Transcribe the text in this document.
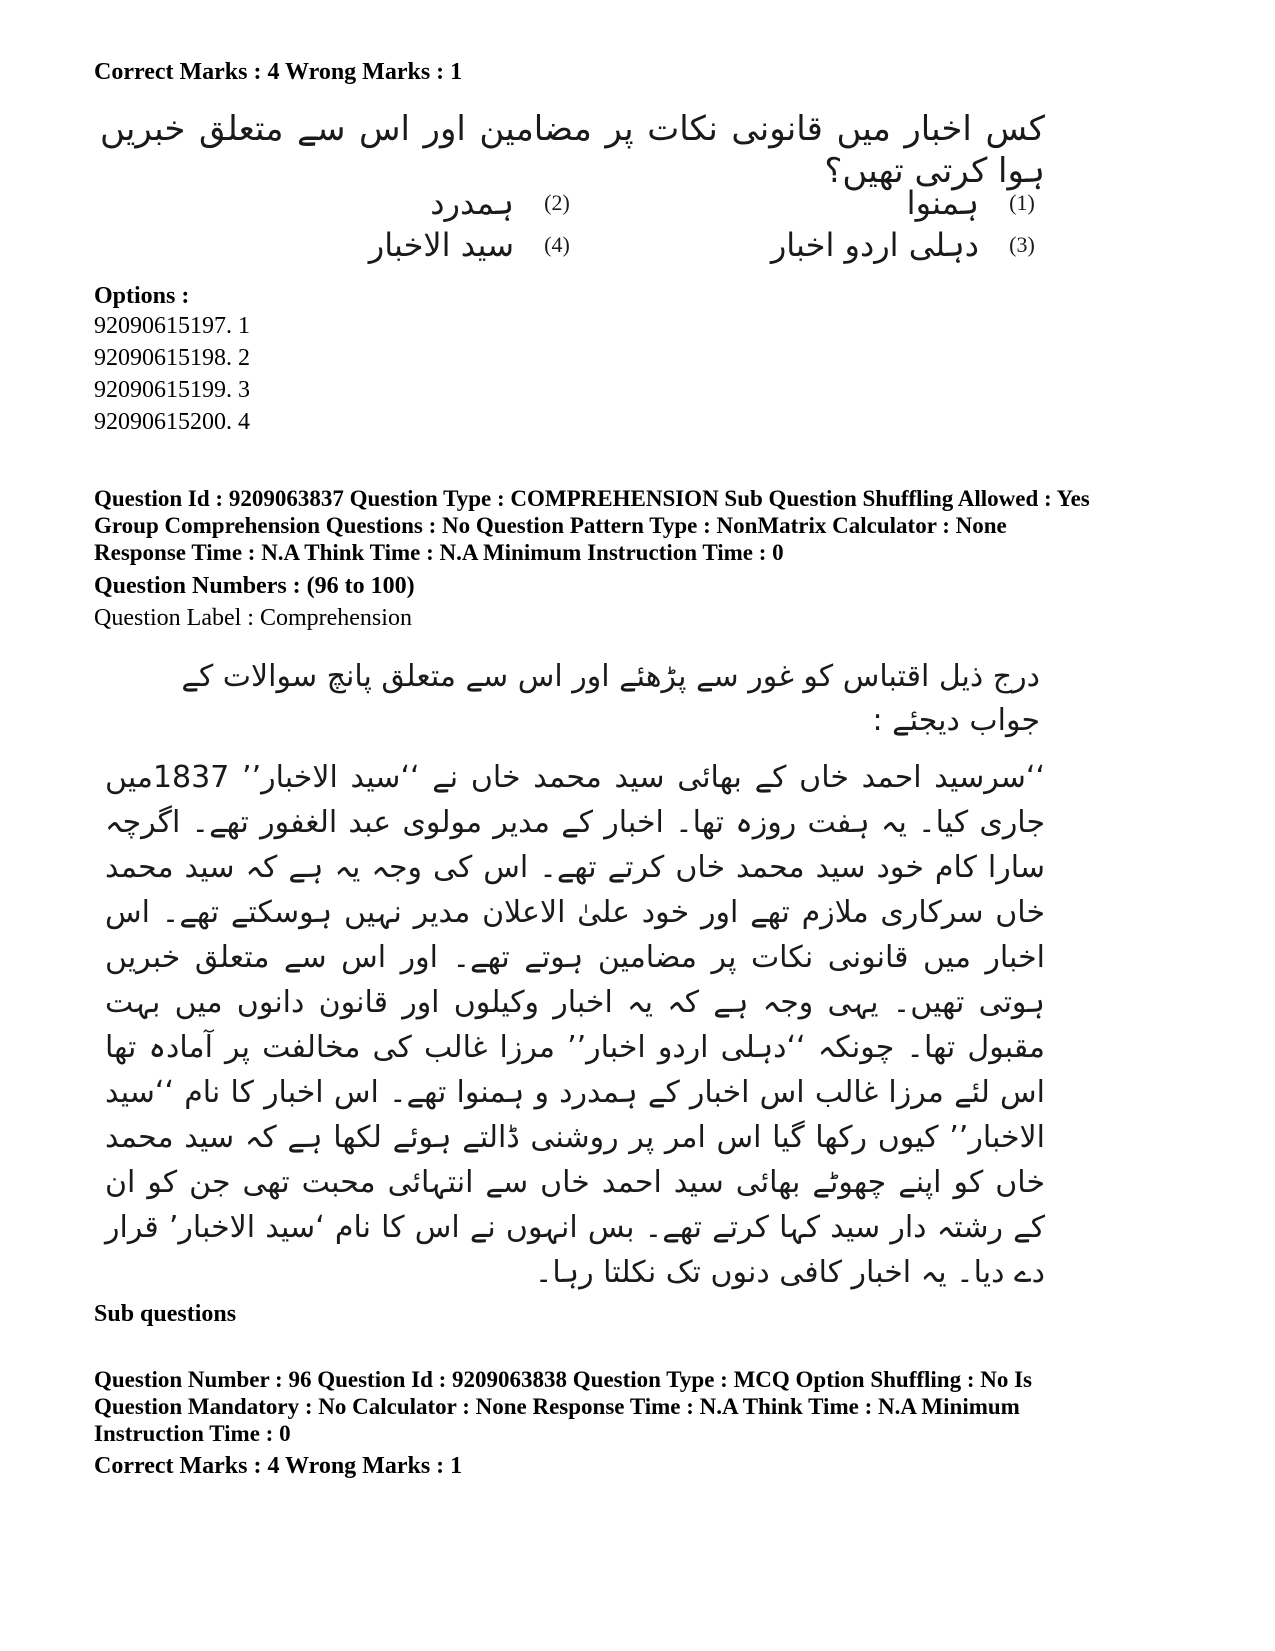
Correct Marks : 4 Wrong Marks : 1
کس اخبار میں قانونی نکات پر مضامین اور اس سے متعلق خبریں ہوا کرتی تھیں؟
(1)
ہمنوا
(2)
ہمدرد
(3)
دہلی اردو اخبار
(4)
سید الاخبار
Options :
92090615197. 1
92090615198. 2
92090615199. 3
92090615200. 4
Question Id : 9209063837 Question Type : COMPREHENSION Sub Question Shuffling Allowed : Yes
Group Comprehension Questions : No Question Pattern Type : NonMatrix Calculator : None
Response Time : N.A Think Time : N.A Minimum Instruction Time : 0
Question Numbers : (96 to 100)
Question Label : Comprehension
درج ذیل اقتباس کو غور سے پڑھئے اور اس سے متعلق پانچ سوالات کے جواب دیجئے :

‘‘سرسید احمد خاں کے بھائی سید محمد خاں نے ‘‘سید الاخبار’’ 1837میں جاری کیا۔ یہ ہفت روزہ تھا۔ اخبار کے مدیر مولوی عبد الغفور تھے۔ اگرچہ سارا کام خود سید محمد خاں کرتے تھے۔ اس کی وجہ یہ ہے کہ سید محمد خاں سرکاری ملازم تھے اور خود علیٰ الاعلان مدیر نہیں ہوسکتے تھے۔ اس اخبار میں قانونی نکات پر مضامین ہوتے تھے۔ اور اس سے متعلق خبریں ہوتی تھیں۔ یہی وجہ ہے کہ یہ اخبار وکیلوں اور قانون دانوں میں بہت مقبول تھا۔ چونکہ ‘‘دہلی اردو اخبار’’ مرزا غالب کی مخالفت پر آمادہ تھا اس لئے مرزا غالب اس اخبار کے ہمدرد و ہمنوا تھے۔ اس اخبار کا نام ‘‘سید الاخبار’’ کیوں رکھا گیا اس امر پر روشنی ڈالتے ہوئے لکھا ہے کہ سید محمد خاں کو اپنے چھوٹے بھائی سید احمد خاں سے انتہائی محبت تھی جن کو ان کے رشتہ دار سید کہا کرتے تھے۔ بس انہوں نے اس کا نام ‘سید الاخبار’ قرار دے دیا۔ یہ اخبار کافی دنوں تک نکلتا رہا۔

Sub questions
Question Number : 96 Question Id : 9209063838 Question Type : MCQ Option Shuffling : No Is
Question Mandatory : No Calculator : None Response Time : N.A Think Time : N.A Minimum
Instruction Time : 0
Correct Marks : 4 Wrong Marks : 1
